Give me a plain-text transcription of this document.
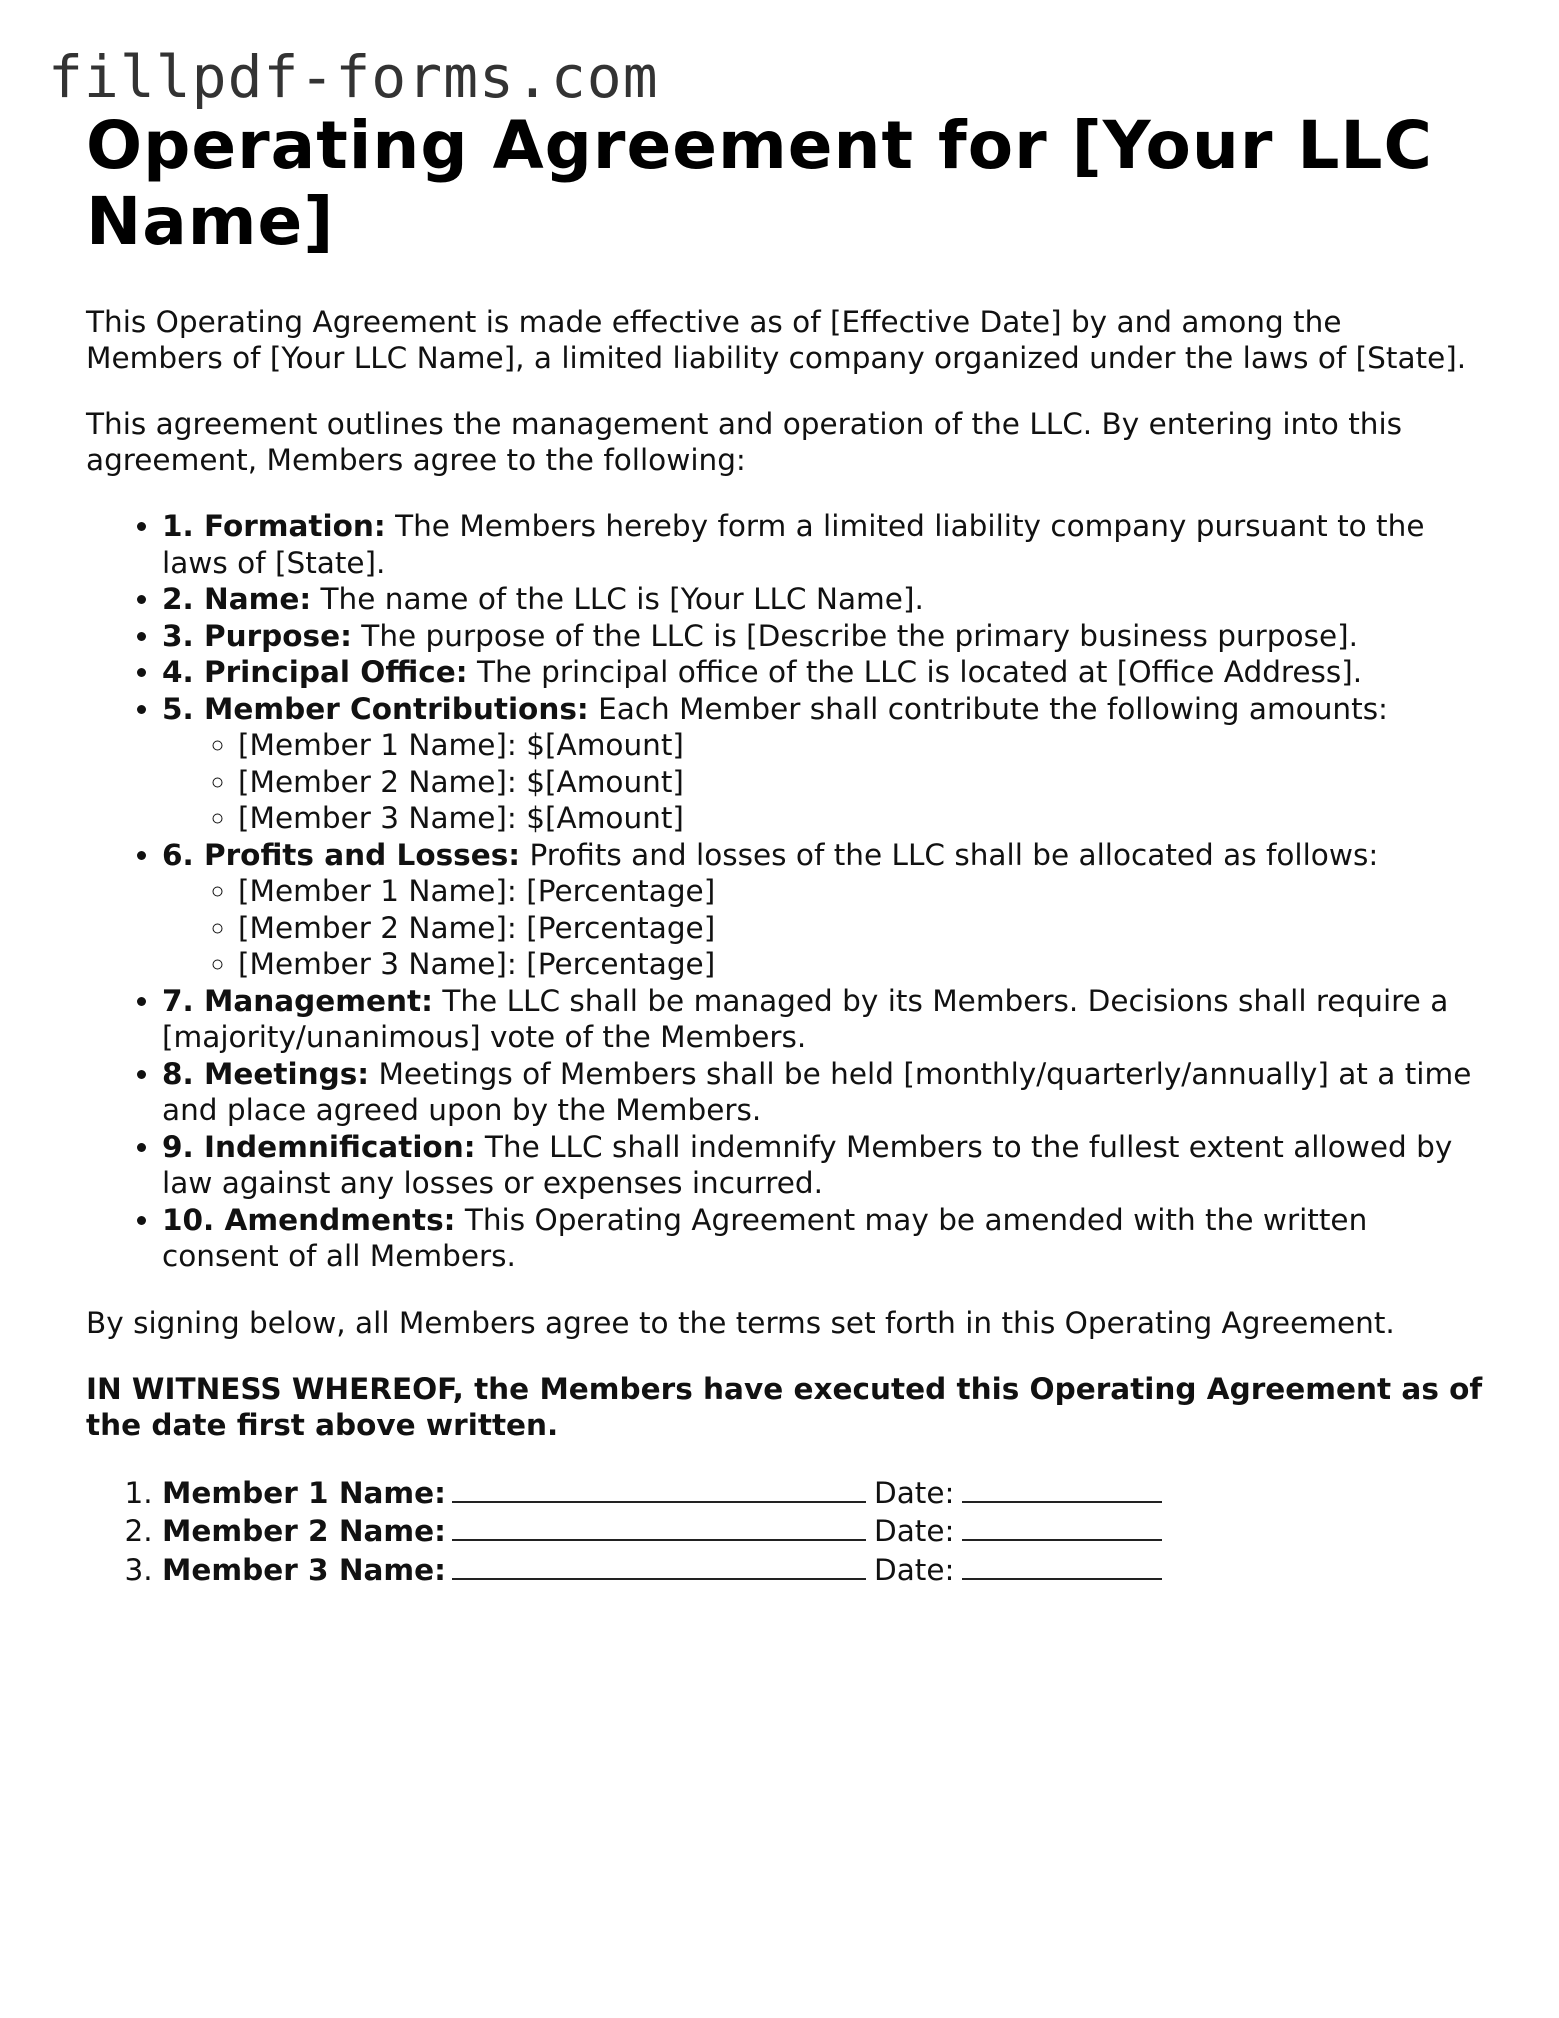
fillpdf-forms.com
Operating Agreement for [Your LLC Name]

This Operating Agreement is made effective as of [Effective Date] by and among the Members of [Your LLC Name], a limited liability company organized under the laws of [State].

This agreement outlines the management and operation of the LLC. By entering into this agreement, Members agree to the following:

• 1. Formation: The Members hereby form a limited liability company pursuant to the laws of [State].
• 2. Name: The name of the LLC is [Your LLC Name].
• 3. Purpose: The purpose of the LLC is [Describe the primary business purpose].
• 4. Principal Office: The principal office of the LLC is located at [Office Address].
• 5. Member Contributions: Each Member shall contribute the following amounts:
◦ [Member 1 Name]: $[Amount]
◦ [Member 2 Name]: $[Amount]
◦ [Member 3 Name]: $[Amount]
• 6. Profits and Losses: Profits and losses of the LLC shall be allocated as follows:
◦ [Member 1 Name]: [Percentage]
◦ [Member 2 Name]: [Percentage]
◦ [Member 3 Name]: [Percentage]
• 7. Management: The LLC shall be managed by its Members. Decisions shall require a [majority/unanimous] vote of the Members.
• 8. Meetings: Meetings of Members shall be held [monthly/quarterly/annually] at a time and place agreed upon by the Members.
• 9. Indemnification: The LLC shall indemnify Members to the fullest extent allowed by law against any losses or expenses incurred.
• 10. Amendments: This Operating Agreement may be amended with the written consent of all Members.

By signing below, all Members agree to the terms set forth in this Operating Agreement.

IN WITNESS WHEREOF, the Members have executed this Operating Agreement as of the date first above written.

1. Member 1 Name:	Date:
2. Member 2 Name:	Date:
3. Member 3 Name:	Date:
